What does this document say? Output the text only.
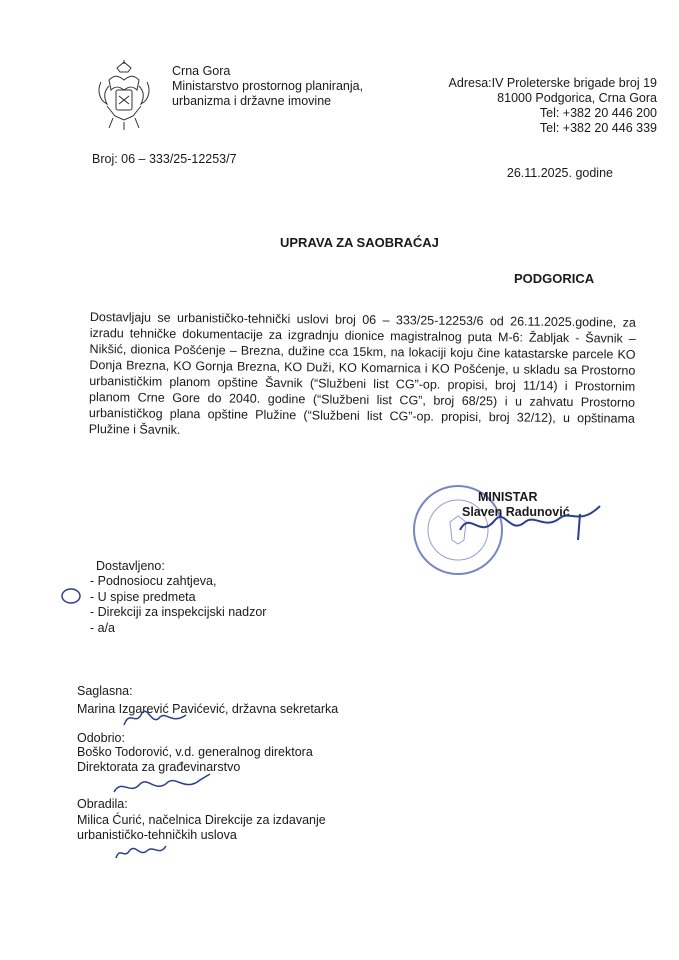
Crna Gora
Ministarstvo prostornog planiranja,
urbanizma i državne imovine
Adresa:IV Proleterske brigade broj 19
81000 Podgorica, Crna Gora
Tel: +382 20 446 200
Tel: +382 20 446 339
Broj: 06 – 333/25-12253/7
26.11.2025. godine
UPRAVA ZA SAOBRAĆAJ
PODGORICA

Dostavljaju se urbanističko-tehnički uslovi broj 06 – 333/25-12253/6 od 26.11.2025.godine, za izradu tehničke dokumentacije za izgradnju dionice magistralnog puta M-6: Žabljak - Šavnik – Nikšić, dionica Pošćenje – Brezna, dužine cca 15km, na lokaciji koju čine katastarske parcele KO Donja Brezna, KO Gornja Brezna, KO Duži, KO Komarnica i KO Pošćenje, u skladu sa Prostorno urbanističkim planom opštine Šavnik (“Službeni list CG”-op. propisi, broj 11/14) i Prostornim planom Crne Gore do 2040. godine (“Službeni list CG”, broj 68/25) i u zahvatu Prostorno urbanističkog plana opštine Plužine (“Službeni list CG”-op. propisi, broj 32/12), u opštinama Plužine i Šavnik.

MINISTAR
Slaven Radunović
Dostavljeno:
- Podnosiocu zahtjeva,
- U spise predmeta
- Direkciji za inspekcijski nadzor
- a/a
Saglasna:
Marina Izgarević Pavićević, državna sekretarka
Odobrio:
Boško Todorović, v.d. generalnog direktora
Direktorata za građevinarstvo
Obradila:
Milica Ćurić, načelnica Direkcije za izdavanje
urbanističko-tehničkih uslova
